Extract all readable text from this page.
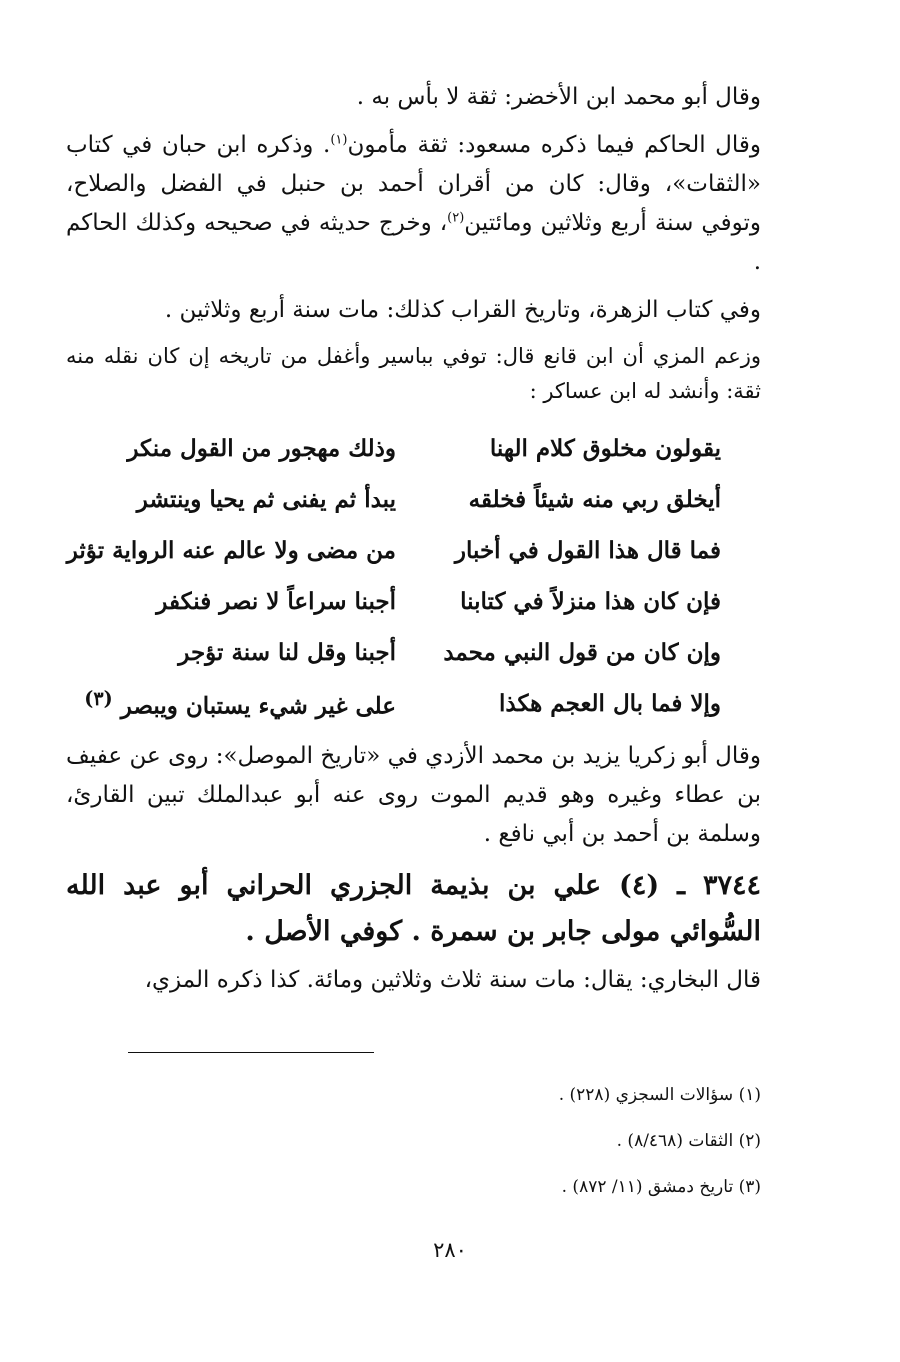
وقال أبو محمد ابن الأخضر: ثقة لا بأس به .

وقال الحاكم فيما ذكره مسعود: ثقة مأمون$^{(١)}$. وذكره ابن حبان في كتاب «الثقات»، وقال: كان من أقران أحمد بن حنبل في الفضل والصلاح، وتوفي سنة أربع وثلاثين ومائتين$^{(٢)}$، وخرج حديثه في صحيحه وكذلك الحاكم .

وفي كتاب الزهرة، وتاريخ القراب كذلك: مات سنة أربع وثلاثين .

وزعم المزي أن ابن قانع قال: توفي بباسير وأغفل من تاريخه إن كان نقله منه ثقة: وأنشد له ابن عساكر :

يقولون مخلوق كلام الهنا
وذلك مهجور من القول منكر
أيخلق ربي منه شيئاً فخلقه
يبدأ ثم يفنى ثم يحيا وينتشر
فما قال هذا القول في أخبار
من مضى ولا عالم عنه الرواية تؤثر
فإن كان هذا منزلاً في كتابنا
أجبنا سراعاً لا نصر فنكفر
وإن كان من قول النبي محمد
أجبنا وقل لنا سنة تؤجر
وإلا فما بال العجم هكذا
على غير شيء يستبان ويبصر $^{(٣)}$

وقال أبو زكريا يزيد بن محمد الأزدي في «تاريخ الموصل»: روى عن عفيف بن عطاء وغيره وهو قديم الموت روى عنه أبو عبدالملك تبين القارئ، وسلمة بن أحمد بن أبي نافع .

٣٧٤٤ ـ (٤) علي بن بذيمة الجزري الحراني أبو عبد الله السُّوائي مولى جابر بن سمرة . كوفي الأصل .

قال البخاري: يقال: مات سنة ثلاث وثلاثين ومائة. كذا ذكره المزي،

(١) سؤالات السجزي (٢٢٨) .
(٢) الثقات (٨/٤٦٨) .
(٣) تاريخ دمشق (١١/ ٨٧٢) .
٢٨٠
